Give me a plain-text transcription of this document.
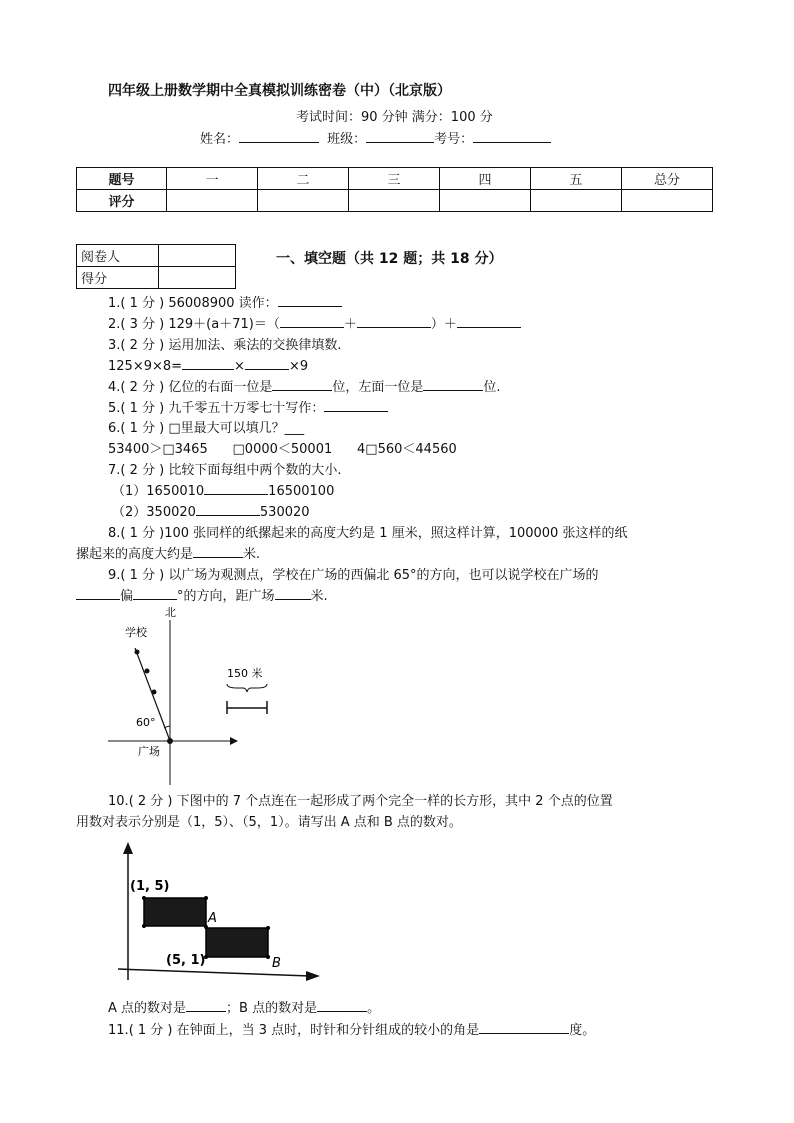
四年级上册数学期中全真模拟训练密卷（中）（北京版）
考试时间：90 分钟 满分：100 分
姓名：	班级：	考号：
题号	一	二	三	四	五	总分
评分						
阅卷人	
得分	
一、填空题（共 12 题；共 18 分）
1.( 1 分 ) 56008900 读作：
2.( 3 分 ) 129＋(a＋71)＝（	＋	）＋
3.( 2 分 ) 运用加法、乘法的交换律填数.
125×9×8=	×	×9
4.( 2 分 ) 亿位的右面一位是	位，左面一位是	位.
5.( 1 分 ) 九千零五十万零七十写作：
6.( 1 分 ) □里最大可以填几？___
53400＞□3465      □0000＜50001      4□560＜44560
7.( 2 分 ) 比较下面每组中两个数的大小.
（1）1650010	16500100
（2）350020	530020
8.( 1 分 )100 张同样的纸摞起来的高度大约是 1 厘米，照这样计算，100000 张这样的纸
摞起来的高度大约是	米.
9.( 1 分 ) 以广场为观测点，学校在广场的西偏北 65°的方向，也可以说学校在广场的
偏	°的方向，距广场	米.
北
学校
60°
广场
150 米
10.( 2 分 ) 下图中的 7 个点连在一起形成了两个完全一样的长方形，其中 2 个点的位置
用数对表示分别是（1，5）、（5，1）。请写出 A 点和 B 点的数对。
(1, 5)
A
(5, 1)	B
A 点的数对是	；B 点的数对是	。
11.( 1 分 ) 在钟面上，当 3 点时，时针和分针组成的较小的角是	度。
